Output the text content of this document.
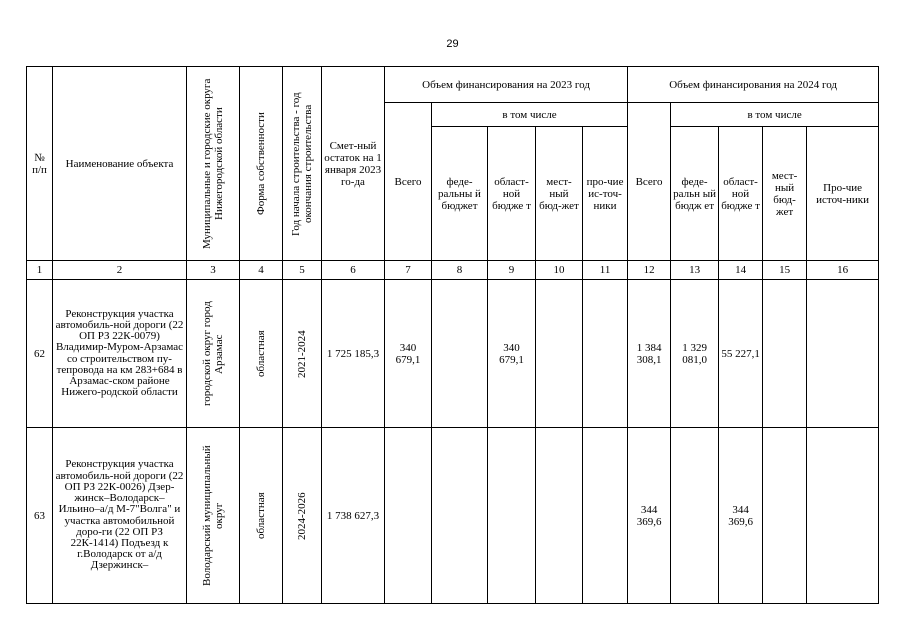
29
№ п/п	Наименование объекта	Муниципальные и городские округа Нижегородской области	Форма собственности	Год начала строительства - год окончания строительства	Смет-ный остаток на 1 января 2023 го-да	Объем финансирования на 2023 год					Объем финансирования на 2024 год				
						Всего	в том числе				Всего	в том числе			
							феде-ральны й бюджет	област-ной бюдже т	мест-ный бюд-жет	про-чие ис-точ-ники		феде-ральн ый бюдж ет	област-ной бюдже т	мест-ный бюд-жет	Про-чие источ-ники
1	2	3	4	5	6	7	8	9	10	11	12	13	14	15	16
62	Реконструкция участка автомобиль-ной дороги (22 ОП РЗ 22К-0079) Владимир-Муром-Арзамас со строительством пу-тепровода на км 283+684 в Арзамас-ском районе Нижего-родской области	городской округ город Арзамас	областная	2021-2024	1 725 185,3	340 679,1		340 679,1			1 384 308,1	1 329 081,0	55 227,1		
63	Реконструкция участка автомобиль-ной дороги (22 ОП РЗ 22К-0026) Дзер-жинск–Володарск–Ильино–а/д М-7"Волга" и участка автомобильной доро-ги (22 ОП РЗ 22К-1414) Подъезд к г.Володарск от а/д Дзержинск–	Володарский муниципальный округ	областная	2024-2026	1 738 627,3						344 369,6		344 369,6		
